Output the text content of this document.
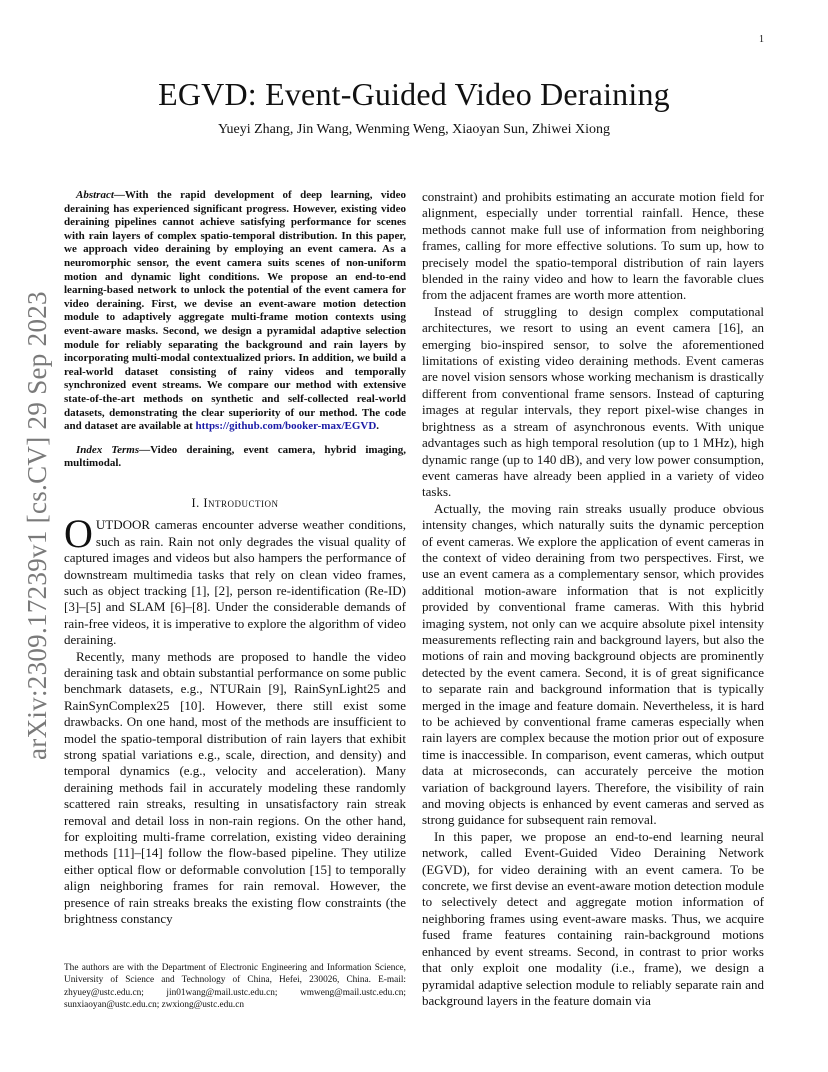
1
arXiv:2309.17239v1 [cs.CV] 29 Sep 2023
EGVD: Event-Guided Video Deraining
Yueyi Zhang, Jin Wang, Wenming Weng, Xiaoyan Sun, Zhiwei Xiong

Abstract—With the rapid development of deep learning, video deraining has experienced significant progress. However, existing video deraining pipelines cannot achieve satisfying performance for scenes with rain layers of complex spatio-temporal distribution. In this paper, we approach video deraining by employing an event camera. As a neuromorphic sensor, the event camera suits scenes of non-uniform motion and dynamic light conditions. We propose an end-to-end learning-based network to unlock the potential of the event camera for video deraining. First, we devise an event-aware motion detection module to adaptively aggregate multi-frame motion contexts using event-aware masks. Second, we design a pyramidal adaptive selection module for reliably separating the background and rain layers by incorporating multi-modal contextualized priors. In addition, we build a real-world dataset consisting of rainy videos and temporally synchronized event streams. We compare our method with extensive state-of-the-art methods on synthetic and self-collected real-world datasets, demonstrating the clear superiority of our method. The code and dataset are available at https://github.com/booker-max/EGVD.

Index Terms—Video deraining, event camera, hybrid imaging, multimodal.

I. Introduction

OUTDOOR cameras encounter adverse weather conditions, such as rain. Rain not only degrades the visual quality of captured images and videos but also hampers the performance of downstream multimedia tasks that rely on clean video frames, such as object tracking [1], [2], person re-identification (Re-ID) [3]–[5] and SLAM [6]–[8]. Under the considerable demands of rain-free videos, it is imperative to explore the algorithm of video deraining.

Recently, many methods are proposed to handle the video deraining task and obtain substantial performance on some public benchmark datasets, e.g., NTURain [9], RainSynLight25 and RainSynComplex25 [10]. However, there still exist some drawbacks. On one hand, most of the methods are insufficient to model the spatio-temporal distribution of rain layers that exhibit strong spatial variations e.g., scale, direction, and density) and temporal dynamics (e.g., velocity and acceleration). Many deraining methods fail in accurately modeling these randomly scattered rain streaks, resulting in unsatisfactory rain streak removal and detail loss in non-rain regions. On the other hand, for exploiting multi-frame correlation, existing video deraining methods [11]–[14] follow the flow-based pipeline. They utilize either optical flow or deformable convolution [15] to temporally align neighboring frames for rain removal. However, the presence of rain streaks breaks the existing flow constraints (the brightness constancy

constraint) and prohibits estimating an accurate motion field for alignment, especially under torrential rainfall. Hence, these methods cannot make full use of information from neighboring frames, calling for more effective solutions. To sum up, how to precisely model the spatio-temporal distribution of rain layers blended in the rainy video and how to learn the favorable clues from the adjacent frames are worth more attention.

Instead of struggling to design complex computational architectures, we resort to using an event camera [16], an emerging bio-inspired sensor, to solve the aforementioned limitations of existing video deraining methods. Event cameras are novel vision sensors whose working mechanism is drastically different from conventional frame sensors. Instead of capturing images at regular intervals, they report pixel-wise changes in brightness as a stream of asynchronous events. With unique advantages such as high temporal resolution (up to 1 MHz), high dynamic range (up to 140 dB), and very low power consumption, event cameras have already been applied in a variety of video tasks.

Actually, the moving rain streaks usually produce obvious intensity changes, which naturally suits the dynamic perception of event cameras. We explore the application of event cameras in the context of video deraining from two perspectives. First, we use an event camera as a complementary sensor, which provides additional motion-aware information that is not explicitly provided by conventional frame cameras. With this hybrid imaging system, not only can we acquire absolute pixel intensity measurements reflecting rain and background layers, but also the motions of rain and moving background objects are prominently detected by the event camera. Second, it is of great significance to separate rain and background information that is typically merged in the image and feature domain. Nevertheless, it is hard to be achieved by conventional frame cameras especially when rain layers are complex because the motion prior out of exposure time is inaccessible. In comparison, event cameras, which output data at microseconds, can accurately perceive the motion variation of background layers. Therefore, the visibility of rain and moving objects is enhanced by event cameras and served as strong guidance for subsequent rain removal.

In this paper, we propose an end-to-end learning neural network, called Event-Guided Video Deraining Network (EGVD), for video deraining with an event camera. To be concrete, we first devise an event-aware motion detection module to selectively detect and aggregate motion information of neighboring frames using event-aware masks. Thus, we acquire fused frame features containing rain-background motions enhanced by event streams. Second, in contrast to prior works that only exploit one modality (i.e., frame), we design a pyramidal adaptive selection module to reliably separate rain and background layers in the feature domain via

The authors are with the Department of Electronic Engineering and Information Science, University of Science and Technology of China, Hefei, 230026, China. E-mail: zhyuey@ustc.edu.cn; jin01wang@mail.ustc.edu.cn; wmweng@mail.ustc.edu.cn; sunxiaoyan@ustc.edu.cn; zwxiong@ustc.edu.cn
